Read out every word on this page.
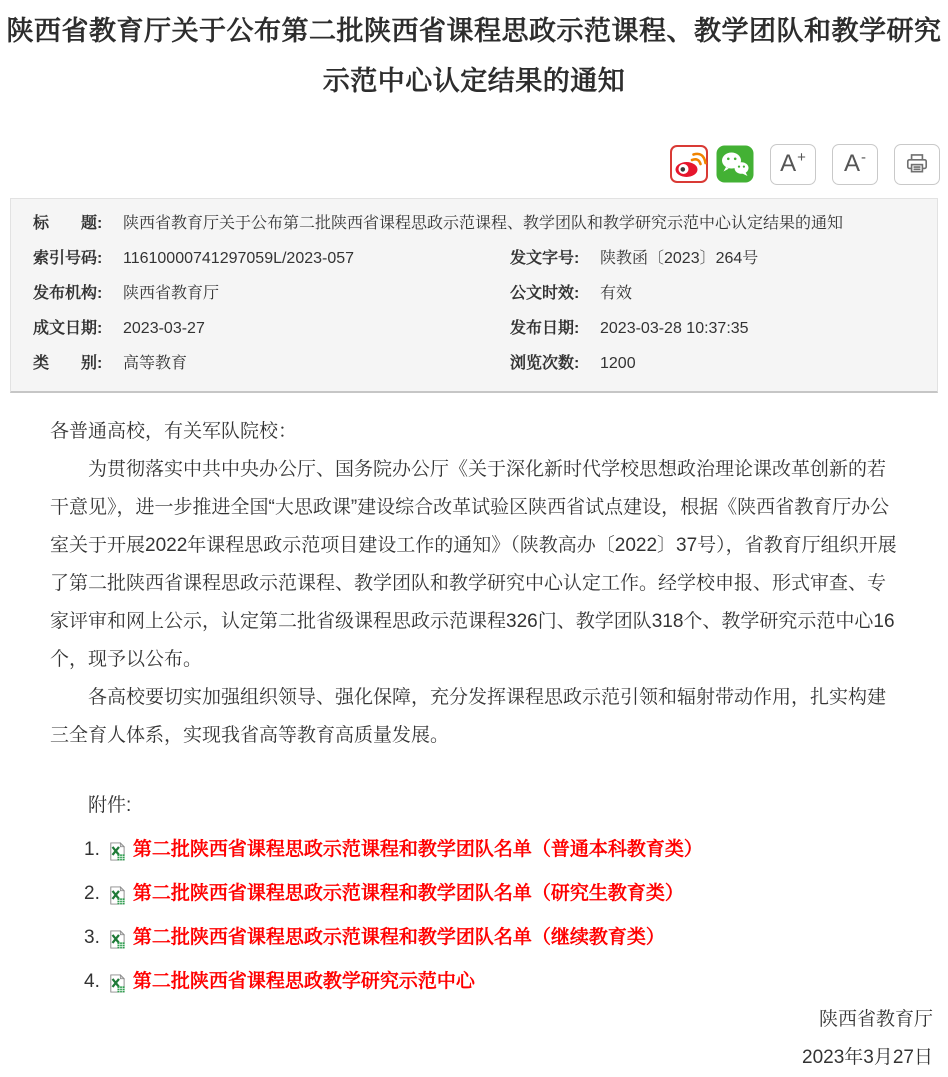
陕西省教育厅关于公布第二批陕西省课程思政示范课程、教学团队和教学研究示范中心认定结果的通知
A + A -
标　　题:	陕西省教育厅关于公布第二批陕西省课程思政示范课程、教学团队和教学研究示范中心认定结果的通知		
索引号码:	11610000741297059L/2023-057	发文字号:	陕教函〔2023〕264号
发布机构:	陕西省教育厅	公文时效:	有效
成文日期:	2023-03-27	发布日期:	2023-03-28 10:37:35
类　　别:	高等教育	浏览次数:	1200

各普通高校，有关军队院校：

为贯彻落实中共中央办公厅、国务院办公厅《关于深化新时代学校思想政治理论课改革创新的若干意见》，进一步推进全国“大思政课”建设综合改革试验区陕西省试点建设，根据《陕西省教育厅办公室关于开展2022年课程思政示范项目建设工作的通知》（陕教高办〔2022〕37号），省教育厅组织开展了第二批陕西省课程思政示范课程、教学团队和教学研究中心认定工作。经学校申报、形式审查、专家评审和网上公示，认定第二批省级课程思政示范课程326门、教学团队318个、教学研究示范中心16个，现予以公布。

各高校要切实加强组织领导、强化保障，充分发挥课程思政示范引领和辐射带动作用，扎实构建三全育人体系，实现我省高等教育高质量发展。

附件:

1. 第二批陕西省课程思政示范课程和教学团队名单（普通本科教育类）
2. 第二批陕西省课程思政示范课程和教学团队名单（研究生教育类）
3. 第二批陕西省课程思政示范课程和教学团队名单（继续教育类）
4. 第二批陕西省课程思政教学研究示范中心
陕西省教育厅
2023年3月27日
